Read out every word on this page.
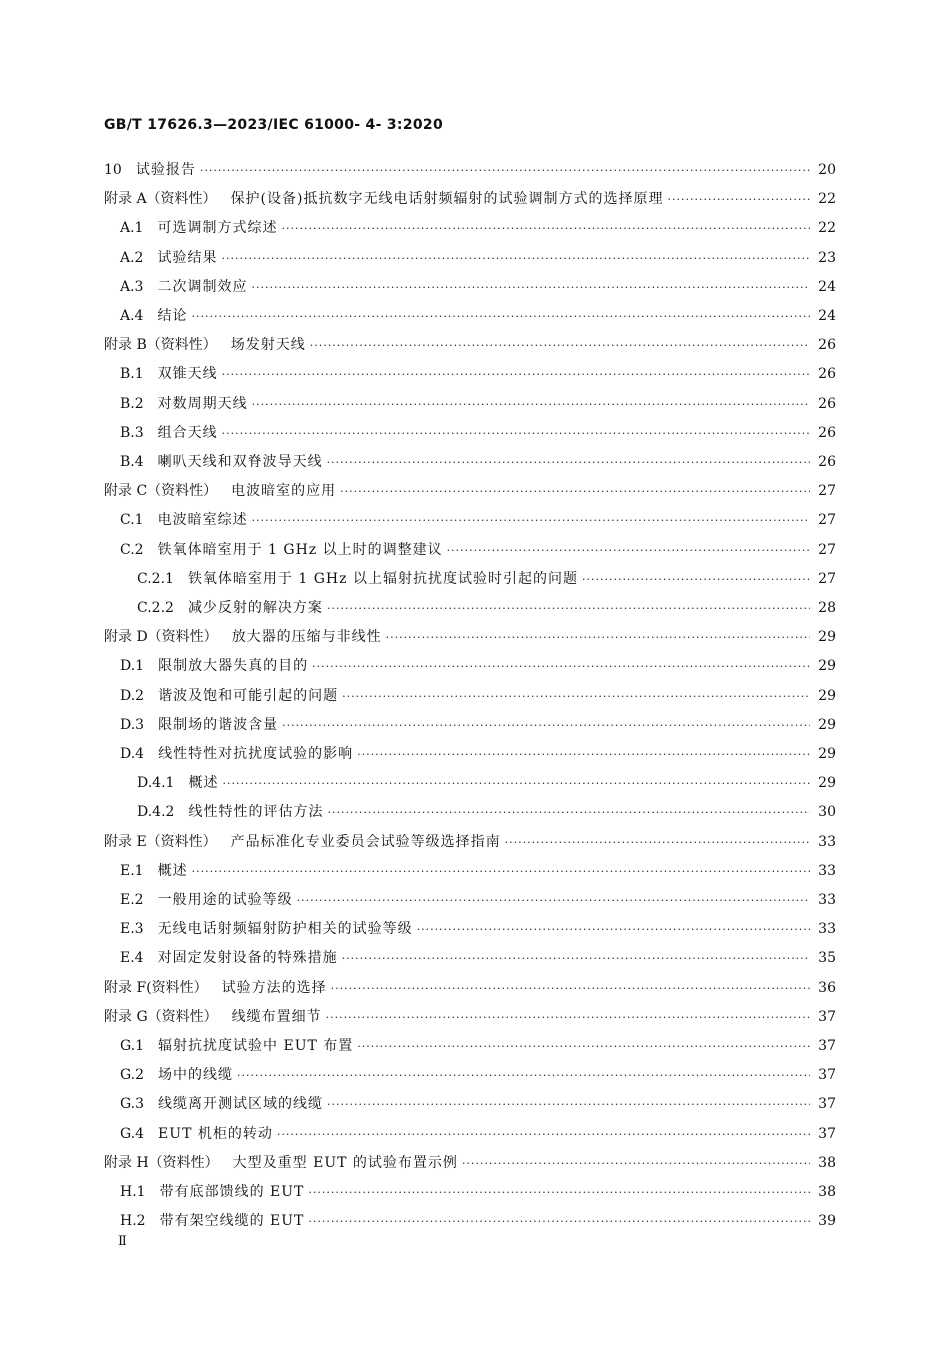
GB/T 17626.3—2023/IEC 61000- 4- 3:2020
10 试验报告 ·····	20
附录 A（资料性） 保护(设备)抵抗数字无线电话射频辐射的试验调制方式的选择原理 ·····	22
A.1 可选调制方式综述 ·····	22
A.2 试验结果 ·····	23
A.3 二次调制效应 ·····	24
A.4 结论 ·····	24
附录 B（资料性） 场发射天线 ·····	26
B.1 双锥天线 ·····	26
B.2 对数周期天线 ·····	26
B.3 组合天线 ·····	26
B.4 喇叭天线和双脊波导天线 ·····	26
附录 C（资料性） 电波暗室的应用 ·····	27
C.1 电波暗室综述 ·····	27
C.2 铁氧体暗室用于 1 GHz 以上时的调整建议 ·····	27
C.2.1 铁氧体暗室用于 1 GHz 以上辐射抗扰度试验时引起的问题 ·····	27
C.2.2 减少反射的解决方案 ·····	28
附录 D（资料性） 放大器的压缩与非线性 ·····	29
D.1 限制放大器失真的目的 ·····	29
D.2 谐波及饱和可能引起的问题 ·····	29
D.3 限制场的谐波含量 ·····	29
D.4 线性特性对抗扰度试验的影响 ·····	29
D.4.1 概述 ·····	29
D.4.2 线性特性的评估方法 ·····	30
附录 E（资料性） 产品标准化专业委员会试验等级选择指南 ·····	33
E.1 概述 ·····	33
E.2 一般用途的试验等级 ·····	33
E.3 无线电话射频辐射防护相关的试验等级 ·····	33
E.4 对固定发射设备的特殊措施 ·····	35
附录 F(资料性） 试验方法的选择 ·····	36
附录 G（资料性） 线缆布置细节 ·····	37
G.1 辐射抗扰度试验中 EUT 布置 ·····	37
G.2 场中的线缆 ·····	37
G.3 线缆离开测试区域的线缆 ·····	37
G.4 EUT 机柜的转动 ·····	37
附录 H（资料性） 大型及重型 EUT 的试验布置示例 ·····	38
H.1 带有底部馈线的 EUT ·····	38
H.2 带有架空线缆的 EUT ·····	39
Ⅱ
